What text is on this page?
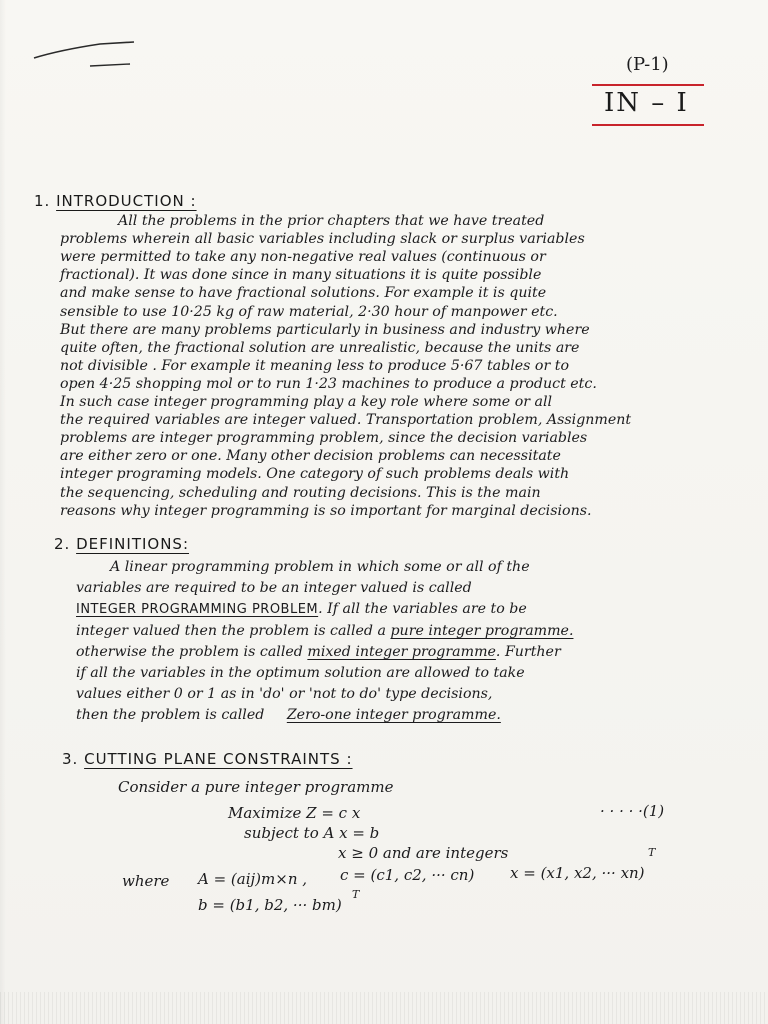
(P-1)
IN – I
1. INTRODUCTION :
All the problems in the prior chapters that we have treated
problems wherein all basic variables including slack or surplus variables
were permitted to take any non-negative real values (continuous or
fractional). It was done since in many situations it is quite possible
and make sense to have fractional solutions. For example it is quite
sensible to use 10·25 kg of raw material, 2·30 hour of manpower etc.
But there are many problems particularly in business and industry where
quite often, the fractional solution are unrealistic, because the units are
not divisible . For example it meaning less to produce 5·67 tables or to
open 4·25 shopping mol or to run 1·23 machines to produce a product etc.
In such case integer programming play a key role where some or all
the required variables are integer valued. Transportation problem, Assignment
problems are integer programming problem, since the decision variables
are either zero or one. Many other decision problems can necessitate
integer programing models. One category of such problems deals with
the sequencing, scheduling and routing decisions. This is the main
reasons why integer programming is so important for marginal decisions.
2. DEFINITIONS:
A linear programming problem in which some or all of the
variables are required to be an integer valued is called
INTEGER PROGRAMMING PROBLEM. If all the variables are to be
integer valued then the problem is called a pure integer programme.
otherwise the problem is called mixed integer programme. Further
if all the variables in the optimum solution are allowed to take
values either 0 or 1 as in 'do' or 'not to do' type decisions,
then the problem is called Zero-one integer programme.
3. CUTTING PLANE CONSTRAINTS :
Consider a pure integer programme
Maximize Z = c x	· · · · ·(1)
subject to A x = b
x ≥ 0 and are integers
where A = (aij)m×n , c = (c1, c2, ··· cn) x = (x1, x2, ··· xn)
T
b = (b1, b2, ··· bm)
T
